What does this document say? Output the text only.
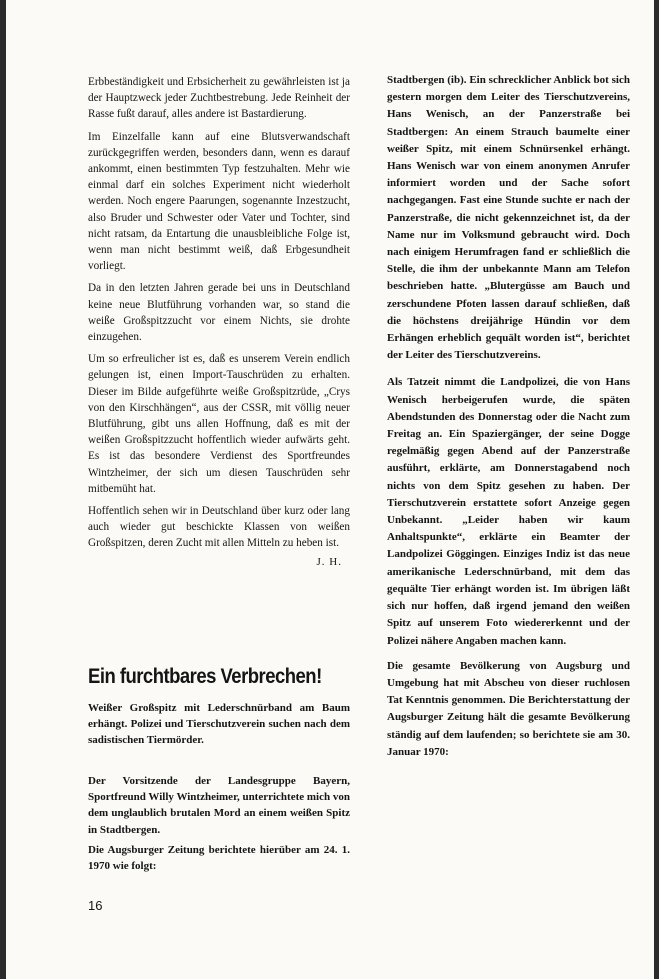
Erbbeständigkeit und Erbsicherheit zu gewährleisten ist ja der Hauptzweck jeder Zuchtbestrebung. Jede Reinheit der Rasse fußt darauf, alles andere ist Bastardierung.

Im Einzelfalle kann auf eine Blutsverwandschaft zurückgegriffen werden, besonders dann, wenn es darauf ankommt, einen bestimmten Typ festzuhalten. Mehr wie einmal darf ein solches Experiment nicht wiederholt werden. Noch engere Paarungen, sogenannte Inzestzucht, also Bruder und Schwester oder Vater und Tochter, sind nicht ratsam, da Entartung die unausbleibliche Folge ist, wenn man nicht bestimmt weiß, daß Erbgesundheit vorliegt.

Da in den letzten Jahren gerade bei uns in Deutschland keine neue Blutführung vorhanden war, so stand die weiße Großspitzzucht vor einem Nichts, sie drohte einzugehen.

Um so erfreulicher ist es, daß es unserem Verein endlich gelungen ist, einen Import-Tauschrüden zu erhalten. Dieser im Bilde aufgeführte weiße Großspitzrüde, „Crys von den Kirschhängen“, aus der CSSR, mit völlig neuer Blutführung, gibt uns allen Hoffnung, daß es mit der weißen Großspitzzucht hoffentlich wieder aufwärts geht. Es ist das besondere Verdienst des Sportfreundes Wintzheimer, der sich um diesen Tauschrüden sehr mitbemüht hat.

Hoffentlich sehen wir in Deutschland über kurz oder lang auch wieder gut beschickte Klassen von weißen Großspitzen, deren Zucht mit allen Mitteln zu heben ist.

J. H.
Ein furchtbares Verbrechen!
Weißer Großspitz mit Lederschnürband am Baum erhängt. Polizei und Tierschutzverein suchen nach dem sadistischen Tiermörder.

Der Vorsitzende der Landesgruppe Bayern, Sportfreund Willy Wintzheimer, unterrichtete mich von dem unglaublich brutalen Mord an einem weißen Spitz in Stadtbergen.

Die Augsburger Zeitung berichtete hierüber am 24. 1. 1970 wie folgt:

Stadtbergen (ib). Ein schrecklicher Anblick bot sich gestern morgen dem Leiter des Tierschutzvereins, Hans Wenisch, an der Panzerstraße bei Stadtbergen: An einem Strauch baumelte einer weißer Spitz, mit einem Schnürsenkel erhängt. Hans Wenisch war von einem anonymen Anrufer informiert worden und der Sache sofort nachgegangen. Fast eine Stunde suchte er nach der Panzerstraße, die nicht gekennzeichnet ist, da der Name nur im Volksmund gebraucht wird. Doch nach einigem Herumfragen fand er schließlich die Stelle, die ihm der unbekannte Mann am Telefon beschrieben hatte. „Blutergüsse am Bauch und zerschundene Pfoten lassen darauf schließen, daß die höchstens dreijährige Hündin vor dem Erhängen erheblich gequält worden ist“, berichtet der Leiter des Tierschutzvereins.

Als Tatzeit nimmt die Landpolizei, die von Hans Wenisch herbeigerufen wurde, die späten Abendstunden des Donnerstag oder die Nacht zum Freitag an. Ein Spaziergänger, der seine Dogge regelmäßig gegen Abend auf der Panzerstraße ausführt, erklärte, am Donnerstagabend noch nichts von dem Spitz gesehen zu haben. Der Tierschutzverein erstattete sofort Anzeige gegen Unbekannt. „Leider haben wir kaum Anhaltspunkte“, erklärte ein Beamter der Landpolizei Göggingen. Einziges Indiz ist das neue amerikanische Lederschnürband, mit dem das gequälte Tier erhängt worden ist. Im übrigen läßt sich nur hoffen, daß irgend jemand den weißen Spitz auf unserem Foto wiedererkennt und der Polizei nähere Angaben machen kann.

Die gesamte Bevölkerung von Augsburg und Umgebung hat mit Abscheu von dieser ruchlosen Tat Kenntnis genommen. Die Berichterstattung der Augsburger Zeitung hält die gesamte Bevölkerung ständig auf dem laufenden; so berichtete sie am 30. Januar 1970:

16
